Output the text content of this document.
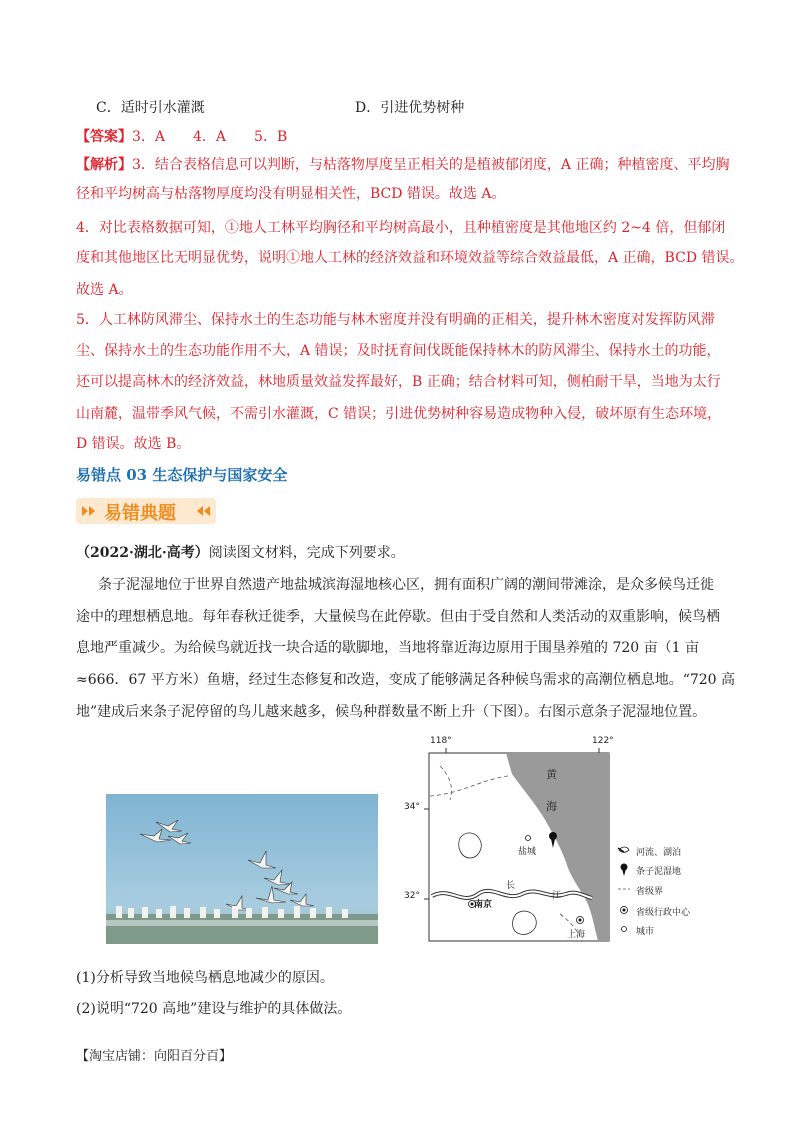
C．适时引水灌溉	D．引进优势树种
【答案】3．A　　4．A　　5．B
【解析】3．结合表格信息可以判断，与枯落物厚度呈正相关的是植被郁闭度，A 正确；种植密度、平均胸
径和平均树高与枯落物厚度均没有明显相关性，BCD 错误。故选 A。
4．对比表格数据可知，①地人工林平均胸径和平均树高最小，且种植密度是其他地区约 2~4 倍，但郁闭
度和其他地区比无明显优势，说明①地人工林的经济效益和环境效益等综合效益最低，A 正确，BCD 错误。
故选 A。
5．人工林防风滞尘、保持水土的生态功能与林木密度并没有明确的正相关，提升林木密度对发挥防风滞
尘、保持水土的生态功能作用不大，A 错误；及时抚育间伐既能保持林木的防风滞尘、保持水土的功能，
还可以提高林木的经济效益，林地质量效益发挥最好，B 正确；结合材料可知，侧柏耐干旱，当地为太行
山南麓，温带季风气候，不需引水灌溉，C 错误；引进优势树种容易造成物种入侵，破坏原有生态环境，
D 错误。故选 B。
易错点 03 生态保护与国家安全
易错典题
（2022·湖北·高考）阅读图文材料，完成下列要求。
条子泥湿地位于世界自然遗产地盐城滨海湿地核心区，拥有面积广阔的潮间带滩涂，是众多候鸟迁徙
途中的理想栖息地。每年春秋迁徙季，大量候鸟在此停歇。但由于受自然和人类活动的双重影响，候鸟栖
息地严重减少。为给候鸟就近找一块合适的歇脚地，当地将靠近海边原用于围垦养殖的 720 亩（1 亩
≈666．67 平方米）鱼塘，经过生态修复和改造，变成了能够满足各种候鸟需求的高潮位栖息地。“720 高
地”建成后来条子泥停留的鸟儿越来越多，候鸟种群数量不断上升（下图）。右图示意条子泥湿地位置。
118°	122°
34°
32°
黄
海
盐城
南京
上海
长
江
河流、湖泊
条子泥湿地
省级界
省级行政中心
城市
(1)分析导致当地候鸟栖息地减少的原因。
(2)说明“720 高地”建设与维护的具体做法。
【淘宝店铺：向阳百分百】
